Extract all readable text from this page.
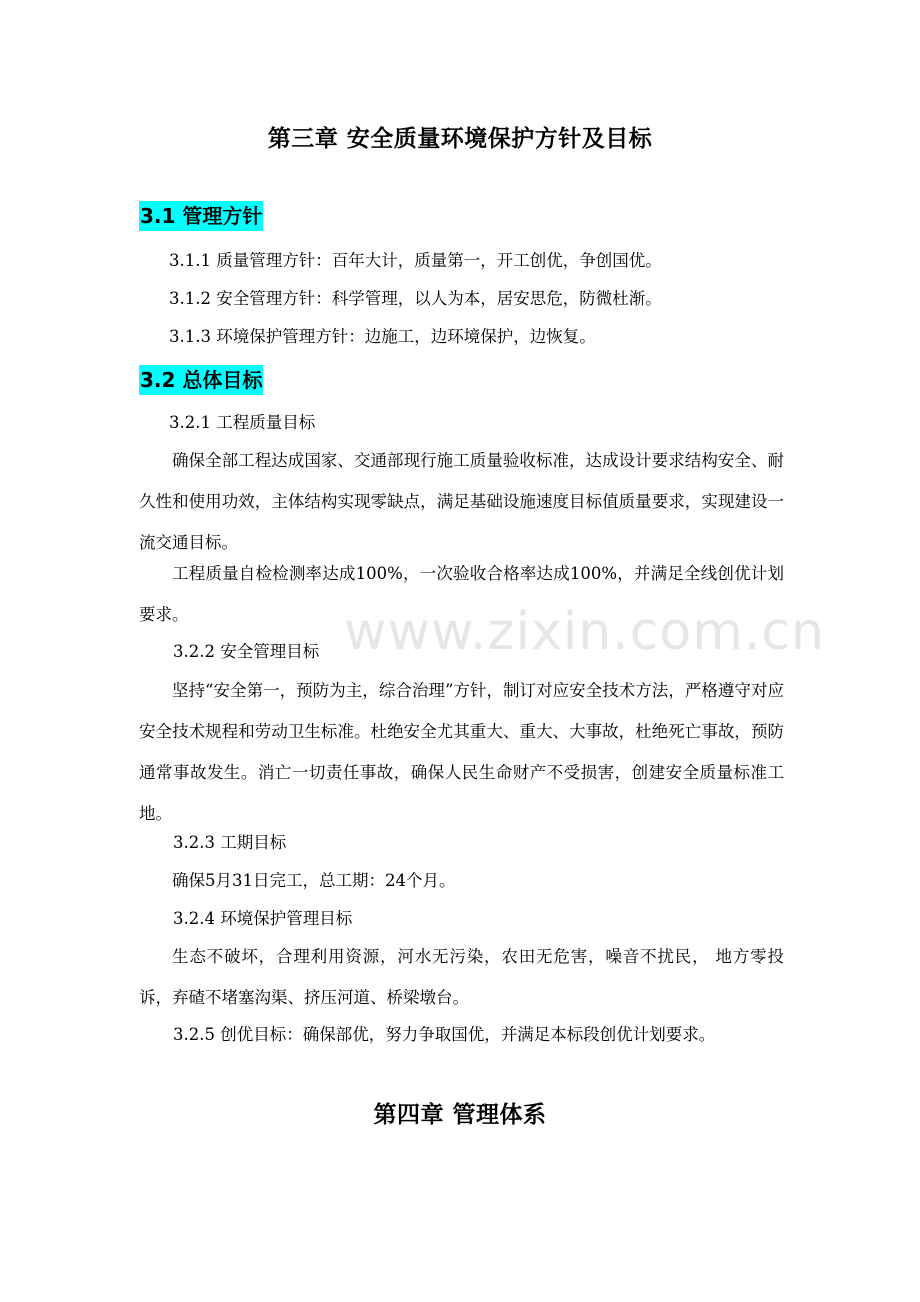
www.zixin.com.cn
第三章 安全质量环境保护方针及目标
3.1 管理方针

3.1.1 质量管理方针：百年大计，质量第一，开工创优，争创国优。

3.1.2 安全管理方针：科学管理，以人为本，居安思危，防微杜渐。

3.1.3 环境保护管理方针：边施工，边环境保护，边恢复。

3.2 总体目标

3.2.1 工程质量目标

确保全部工程达成国家、交通部现行施工质量验收标准，达成设计要求结构安全、耐久性和使用功效，主体结构实现零缺点，满足基础设施速度目标值质量要求，实现建设一流交通目标。

工程质量自检检测率达成100%，一次验收合格率达成100%，并满足全线创优计划要求。

3.2.2 安全管理目标

坚持“安全第一，预防为主，综合治理”方针，制订对应安全技术方法，严格遵守对应安全技术规程和劳动卫生标准。杜绝安全尤其重大、重大、大事故，杜绝死亡事故，预防通常事故发生。消亡一切责任事故，确保人民生命财产不受损害，创建安全质量标准工地。

3.2.3 工期目标

确保5月31日完工，总工期：24个月。

3.2.4 环境保护管理目标

生态不破坏，合理利用资源，河水无污染，农田无危害，噪音不扰民， 地方零投诉，弃碴不堵塞沟渠、挤压河道、桥梁墩台。

3.2.5 创优目标：确保部优，努力争取国优，并满足本标段创优计划要求。

第四章 管理体系
